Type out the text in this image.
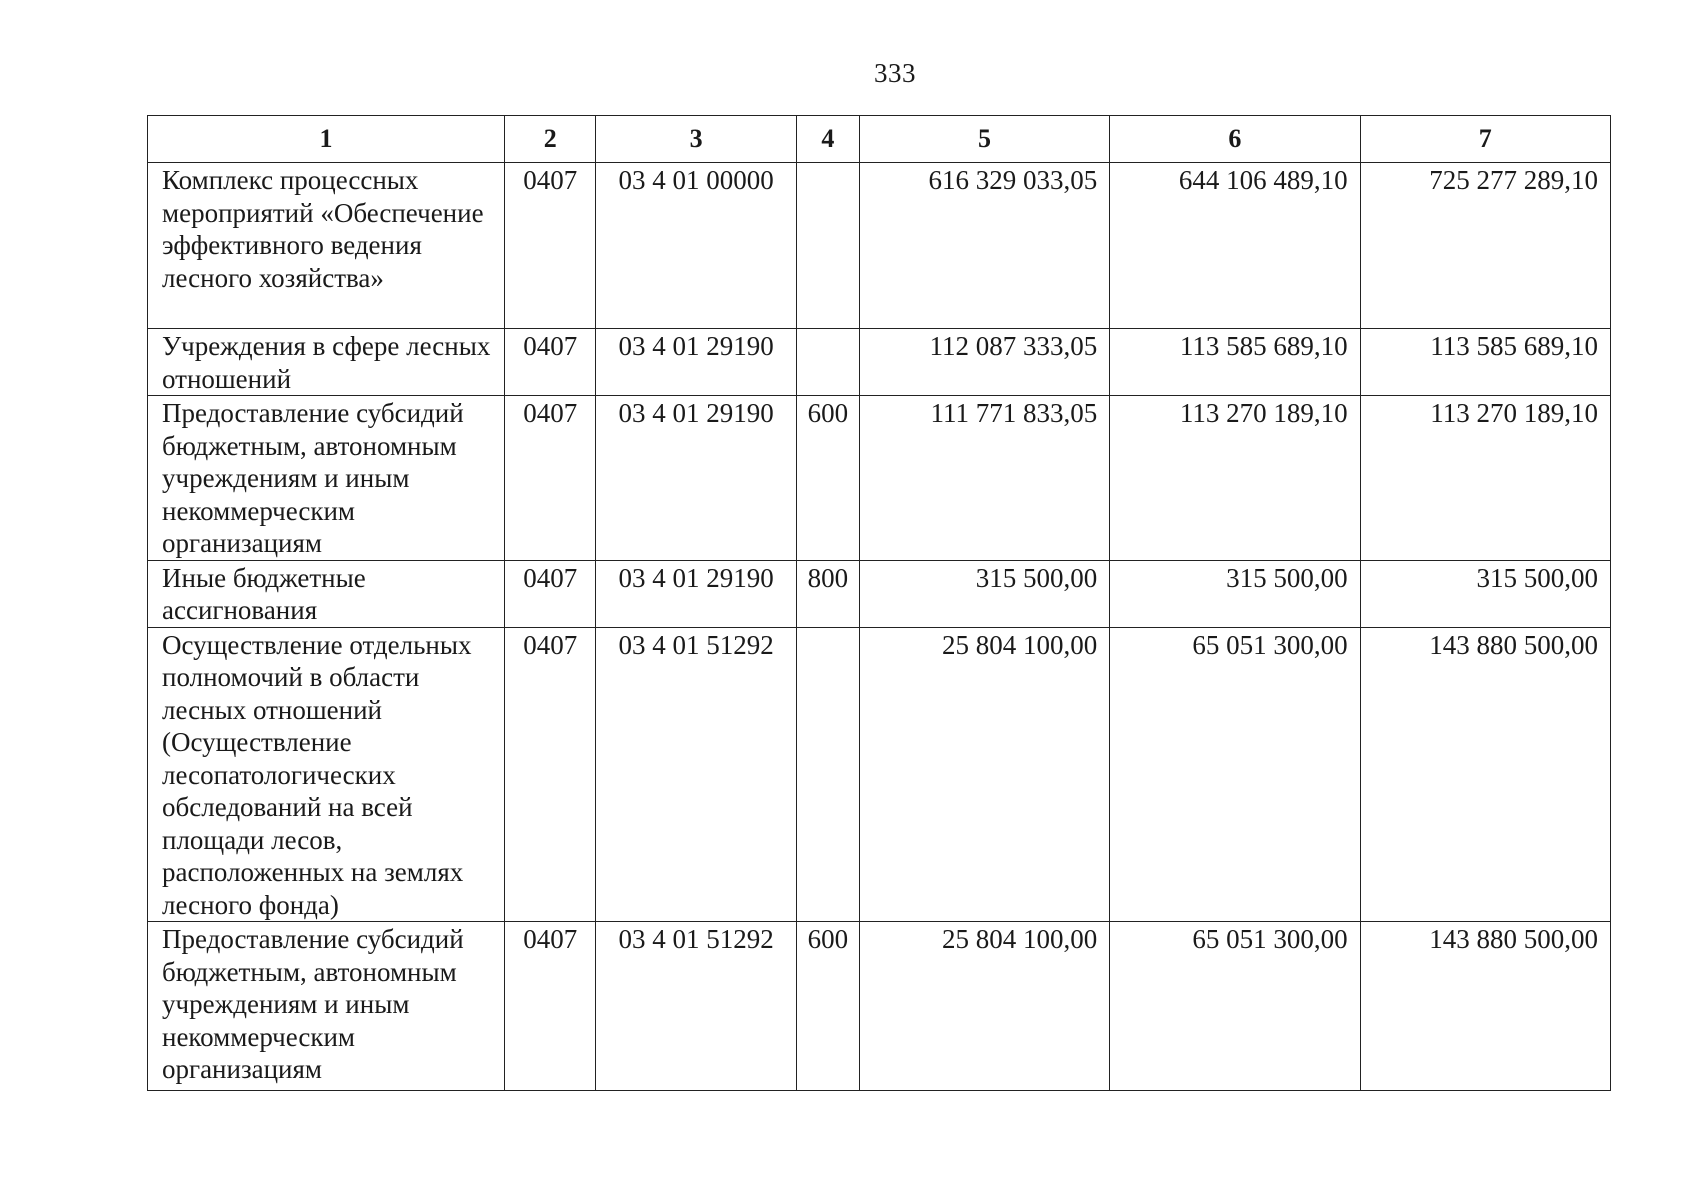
333
1	2	3	4	5	6	7
Комплекс процессных мероприятий «Обеспечение эффективного ведения лесного хозяйства»	0407	03 4 01 00000		616 329 033,05	644 106 489,10	725 277 289,10
Учреждения в сфере лесных отношений	0407	03 4 01 29190		112 087 333,05	113 585 689,10	113 585 689,10
Предоставление субсидий бюджетным, автономным учреждениям и иным некоммерческим организациям	0407	03 4 01 29190	600	111 771 833,05	113 270 189,10	113 270 189,10
Иные бюджетные ассигнования	0407	03 4 01 29190	800	315 500,00	315 500,00	315 500,00
Осуществление отдельных полномочий в области лесных отношений (Осуществление лесопатологических обследований на всей площади лесов, расположенных на землях лесного фонда)	0407	03 4 01 51292		25 804 100,00	65 051 300,00	143 880 500,00
Предоставление субсидий бюджетным, автономным учреждениям и иным некоммерческим организациям	0407	03 4 01 51292	600	25 804 100,00	65 051 300,00	143 880 500,00
